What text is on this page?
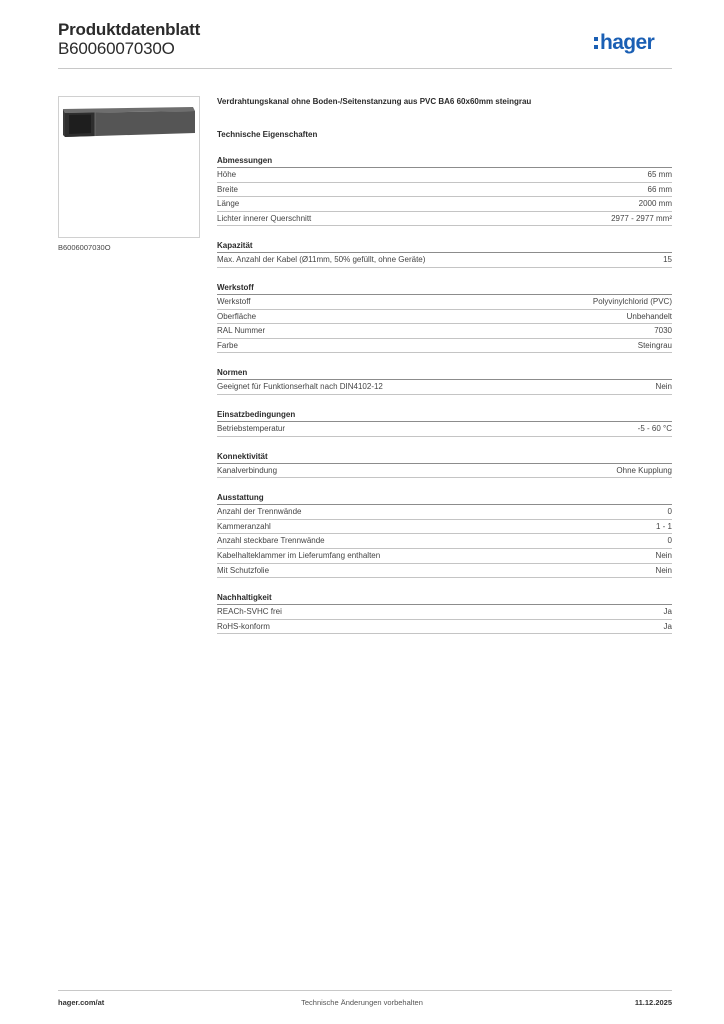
Produktdatenblatt
B6006007030O	hager
B6006007030O
Verdrahtungskanal ohne Boden-/Seitenstanzung aus PVC BA6 60x60mm steingrau
Technische Eigenschaften
Abmessungen
Höhe	65 mm
Breite	66 mm
Länge	2000 mm
Lichter innerer Querschnitt	2977 - 2977 mm²
Kapazität
Max. Anzahl der Kabel (Ø11mm, 50% gefüllt, ohne Geräte)	15
Werkstoff
Werkstoff	Polyvinylchlorid (PVC)
Oberfläche	Unbehandelt
RAL Nummer	7030
Farbe	Steingrau
Normen
Geeignet für Funktionserhalt nach DIN4102-12	Nein
Einsatzbedingungen
Betriebstemperatur	-5 - 60 °C
Konnektivität
Kanalverbindung	Ohne Kupplung
Ausstattung
Anzahl der Trennwände	0
Kammeranzahl	1 - 1
Anzahl steckbare Trennwände	0
Kabelhalteklammer im Lieferumfang enthalten	Nein
Mit Schutzfolie	Nein
Nachhaltigkeit
REACh-SVHC frei	Ja
RoHS-konform	Ja
hager.com/at	Technische Änderungen vorbehalten	11.12.2025
